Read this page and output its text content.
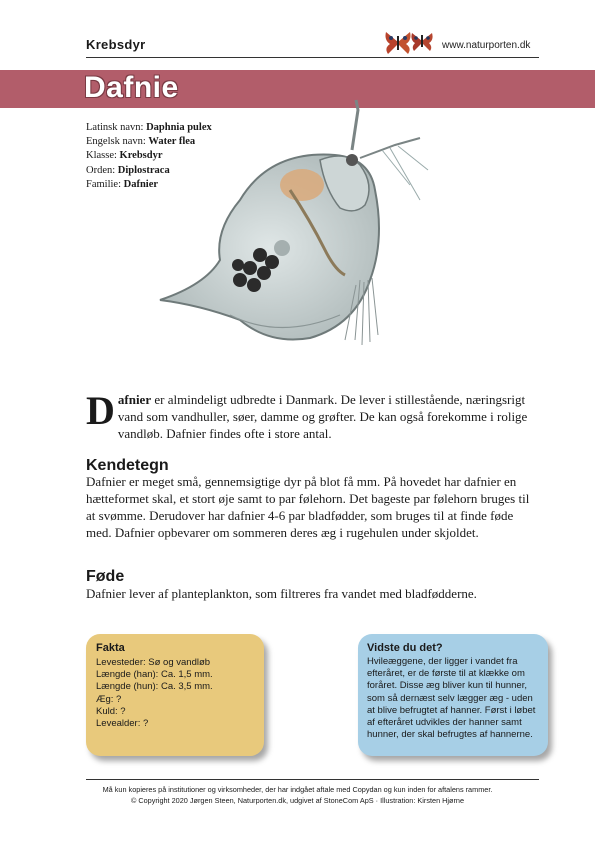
Krebsdyr	www.naturporten.dk
Dafnie
Latinsk navn: Daphnia pulex
Engelsk navn: Water flea
Klasse: Krebsdyr
Orden: Diplostraca
Familie: Dafnier
Dafnier er almindeligt udbredte i Danmark. De lever i stillestående, næringsrigt vand som vandhuller, søer, damme og grøfter. De kan også forekomme i rolige vandløb. Dafnier findes ofte i store antal.
Kendetegn
Dafnier er meget små, gennemsigtige dyr på blot få mm. På hovedet har dafnier en hætteformet skal, et stort øje samt to par følehorn. Det bageste par følehorn bruges til at svømme. Derudover har dafnier 4-6 par bladfødder, som bruges til at finde føde med. Dafnier opbevarer om sommeren deres æg i rugehulen under skjoldet.
Føde
Dafnier lever af planteplankton, som filtreres fra vandet med bladfødderne.
Fakta
Levesteder: Sø og vandløb
Længde (han): Ca. 1,5 mm.
Længde (hun): Ca. 3,5 mm.
Æg: ?
Kuld: ?
Levealder: ?
Vidste du det?
Hvileæggene, der ligger i vandet fra efteråret, er de første til at klække om foråret. Disse æg bliver kun til hunner, som så dernæst selv lægger æg - uden at blive befrugtet af hanner. Først i løbet af efteråret udvikles der hanner samt hunner, der skal befrugtes af hannerne.
Må kun kopieres på institutioner og virksomheder, der har indgået aftale med Copydan og kun inden for aftalens rammer.
© Copyright 2020 Jørgen Steen, Naturporten.dk, udgivet af StoneCom ApS · Illustration: Kirsten Hjørne
